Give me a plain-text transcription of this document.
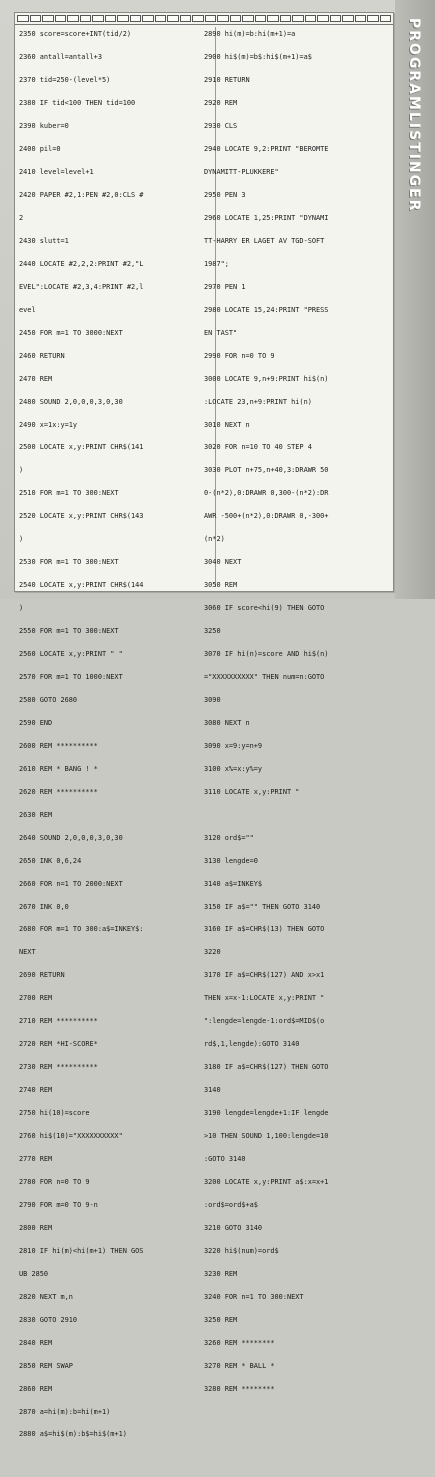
2350 score=score+INT(tid/2)

2360 antall=antall+3

2370 tid=250-(level*5)

2380 IF tid<100 THEN tid=100

2390 kuber=0

2400 pil=0

2410 level=level+1

2420 PAPER #2,1:PEN #2,0:CLS #

2

2430 slutt=1

2440 LOCATE #2,2,2:PRINT #2,"L

EVEL":LOCATE #2,3,4:PRINT #2,l

evel

2450 FOR m=1 TO 3000:NEXT

2460 RETURN

2470 REM

2480 SOUND 2,0,0,0,3,0,30

2490 x=1x:y=1y

2500 LOCATE x,y:PRINT CHR$(141

)

2510 FOR m=1 TO 300:NEXT

2520 LOCATE x,y:PRINT CHR$(143

)

2530 FOR m=1 TO 300:NEXT

2540 LOCATE x,y:PRINT CHR$(144

)

2550 FOR m=1 TO 300:NEXT

2560 LOCATE x,y:PRINT " "

2570 FOR m=1 TO 1000:NEXT

2580 GOTO 2680

2590 END

2600 REM **********

2610 REM * BANG ! *

2620 REM **********

2630 REM

2640 SOUND 2,0,0,0,3,0,30

2650 INK 0,6,24

2660 FOR n=1 TO 2000:NEXT

2670 INK 0,0

2680 FOR m=1 TO 300:a$=INKEY$:

NEXT

2690 RETURN

2700 REM

2710 REM **********

2720 REM *HI-SCORE*

2730 REM **********

2740 REM

2750 hi(10)=score

2760 hi$(10)="XXXXXXXXXX"

2770 REM

2780 FOR n=0 TO 9

2790 FOR m=0 TO 9-n

2800 REM

2810 IF hi(m)<hi(m+1) THEN GOS

UB 2850

2820 NEXT m,n

2830 GOTO 2910

2840 REM

2850 REM SWAP

2860 REM

2870 a=hi(m):b=hi(m+1)

2880 a$=hi$(m):b$=hi$(m+1)

2890 hi(m)=b:hi(m+1)=a

2900 hi$(m)=b$:hi$(m+1)=a$

2910 RETURN

2920 REM

2930 CLS

2940 LOCATE 9,2:PRINT "BEROMTE

DYNAMITT-PLUKKERE"

2950 PEN 3

2960 LOCATE 1,25:PRINT "DYNAMI

TT-HARRY ER LAGET AV TGD-SOFT

1987";

2970 PEN 1

2980 LOCATE 15,24:PRINT "PRESS

EN TAST"

2990 FOR n=0 TO 9

3000 LOCATE 9,n+9:PRINT hi$(n)

:LOCATE 23,n+9:PRINT hi(n)

3010 NEXT n

3020 FOR n=10 TO 40 STEP 4

3030 PLOT n+75,n+40,3:DRAWR 50

0-(n*2),0:DRAWR 0,300-(n*2):DR

AWR -500+(n*2),0:DRAWR 0,-300+

(n*2)

3040 NEXT

3050 REM

3060 IF score<hi(9) THEN GOTO

3250

3070 IF hi(n)=score AND hi$(n)

="XXXXXXXXXX" THEN num=n:GOTO

3090

3080 NEXT n

3090 x=9:y=n+9

3100 x%=x:y%=y

3110 LOCATE x,y:PRINT "

3120 ord$=""

3130 lengde=0

3140 a$=INKEY$

3150 IF a$="" THEN GOTO 3140

3160 IF a$=CHR$(13) THEN GOTO

3220

3170 IF a$=CHR$(127) AND x>x1

THEN x=x-1:LOCATE x,y:PRINT "

":lengde=lengde-1:ord$=MID$(o

rd$,1,lengde):GOTO 3140

3180 IF a$=CHR$(127) THEN GOTO

3140

3190 lengde=lengde+1:IF lengde

>10 THEN SOUND 1,100:lengde=10

:GOTO 3140

3200 LOCATE x,y:PRINT a$:x=x+1

:ord$=ord$+a$

3210 GOTO 3140

3220 hi$(num)=ord$

3230 REM

3240 FOR n=1 TO 300:NEXT

3250 REM

3260 REM ********

3270 REM * BALL *

3280 REM ********

PROGRAMLISTINGER
